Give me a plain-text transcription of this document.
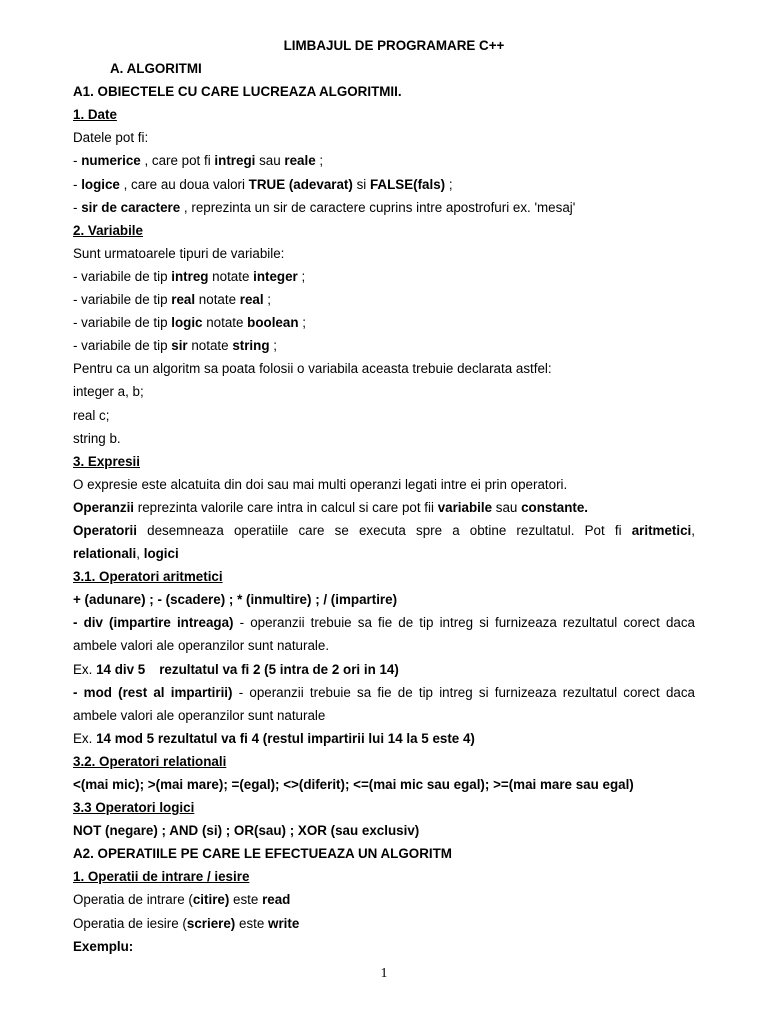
LIMBAJUL DE PROGRAMARE C++
A. ALGORITMI
A1. OBIECTELE CU CARE LUCREAZA ALGORITMII.
1. Date
Datele pot fi:
- numerice , care pot fi intregi sau reale ;
- logice , care au doua valori TRUE (adevarat) si FALSE(fals) ;
- sir de caractere , reprezinta un sir de caractere cuprins intre apostrofuri ex. 'mesaj'
2. Variabile
Sunt urmatoarele tipuri de variabile:
- variabile de tip intreg notate integer ;
- variabile de tip real notate real ;
- variabile de tip logic notate boolean ;
- variabile de tip sir notate string ;
Pentru ca un algoritm sa poata folosii o variabila aceasta trebuie declarata astfel:
integer a, b;
real c;
string b.
3. Expresii
O expresie este alcatuita din doi sau mai multi operanzi legati intre ei prin operatori.
Operanzii reprezinta valorile care intra in calcul si care pot fii variabile sau constante.
Operatorii desemneaza operatiile care se executa spre a obtine rezultatul. Pot fi aritmetici,
relationali, logici
3.1. Operatori aritmetici
+ (adunare) ; - (scadere) ; * (inmultire) ; / (impartire)
- div (impartire intreaga) - operanzii trebuie sa fie de tip intreg si furnizeaza rezultatul corect daca
ambele valori ale operanzilor sunt naturale.
Ex. 14 div 5 rezultatul va fi 2 (5 intra de 2 ori in 14)
- mod (rest al impartirii) - operanzii trebuie sa fie de tip intreg si furnizeaza rezultatul corect daca
ambele valori ale operanzilor sunt naturale
Ex. 14 mod 5 rezultatul va fi 4 (restul impartirii lui 14 la 5 este 4)
3.2. Operatori relationali
<(mai mic); >(mai mare); =(egal); <>(diferit); <=(mai mic sau egal); >=(mai mare sau egal)
3.3 Operatori logici
NOT (negare) ; AND (si) ; OR(sau) ; XOR (sau exclusiv)
A2. OPERATIILE PE CARE LE EFECTUEAZA UN ALGORITM
1. Operatii de intrare / iesire
Operatia de intrare (citire) este read
Operatia de iesire (scriere) este write
Exemplu:
1
